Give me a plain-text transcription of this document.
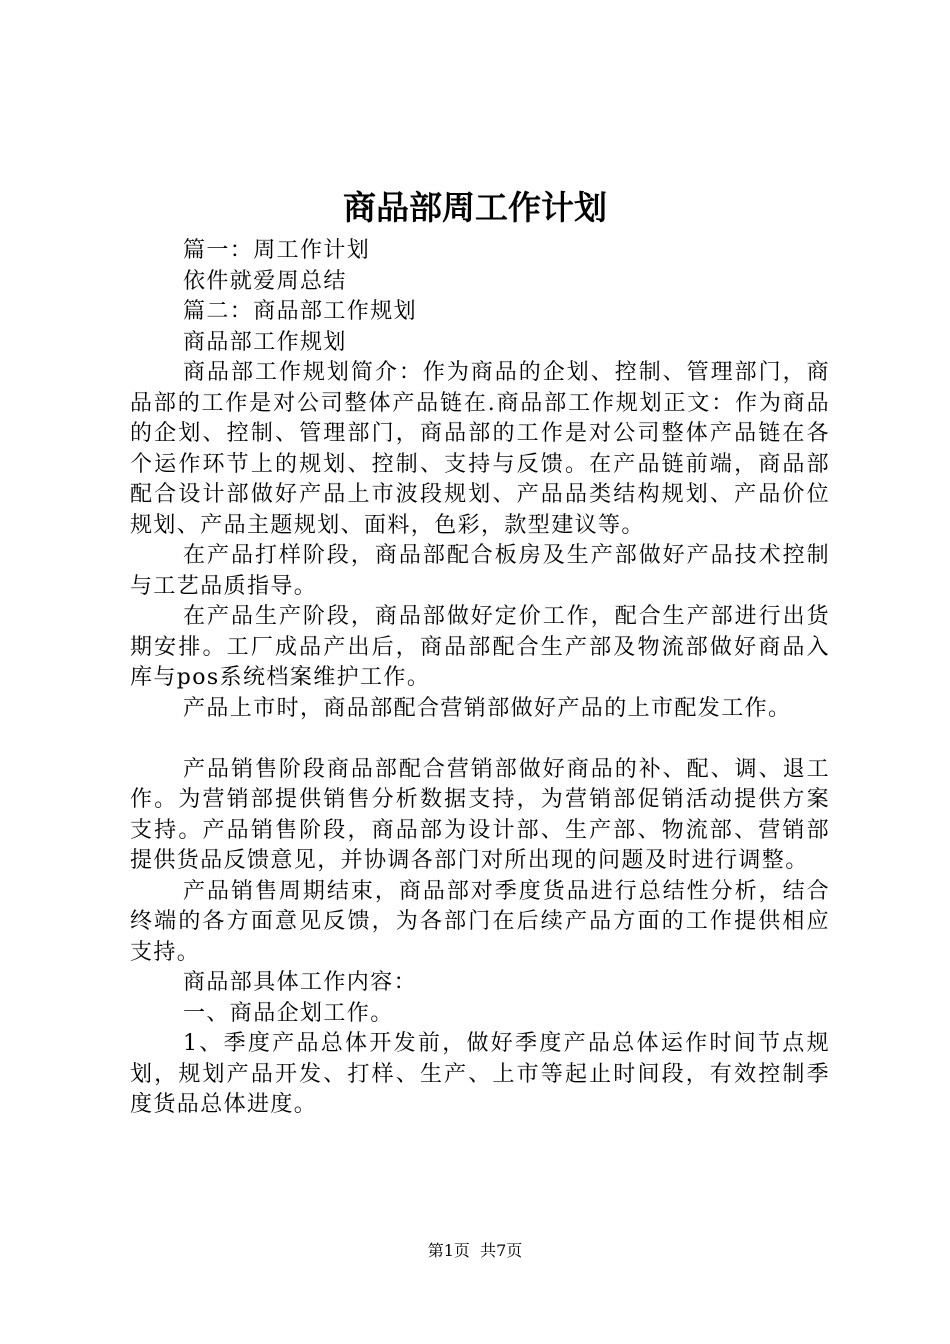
商品部周工作计划

篇一：周工作计划

依件就爱周总结

篇二：商品部工作规划

商品部工作规划

商品部工作规划简介：作为商品的企划、控制、管理部门，商品部的工作是对公司整体产品链在.商品部工作规划正文：作为商品的企划、控制、管理部门，商品部的工作是对公司整体产品链在各个运作环节上的规划、控制、支持与反馈。在产品链前端，商品部配合设计部做好产品上市波段规划、产品品类结构规划、产品价位规划、产品主题规划、面料，色彩，款型建议等。

在产品打样阶段，商品部配合板房及生产部做好产品技术控制与工艺品质指导。

在产品生产阶段，商品部做好定价工作，配合生产部进行出货期安排。工厂成品产出后，商品部配合生产部及物流部做好商品入库与pos系统档案维护工作。

产品上市时，商品部配合营销部做好产品的上市配发工作。

产品销售阶段商品部配合营销部做好商品的补、配、调、退工作。为营销部提供销售分析数据支持，为营销部促销活动提供方案支持。产品销售阶段，商品部为设计部、生产部、物流部、营销部提供货品反馈意见，并协调各部门对所出现的问题及时进行调整。

产品销售周期结束，商品部对季度货品进行总结性分析，结合终端的各方面意见反馈，为各部门在后续产品方面的工作提供相应支持。

商品部具体工作内容：

一、商品企划工作。

1、季度产品总体开发前，做好季度产品总体运作时间节点规划，规划产品开发、打样、生产、上市等起止时间段，有效控制季度货品总体进度。

第1页 共7页
